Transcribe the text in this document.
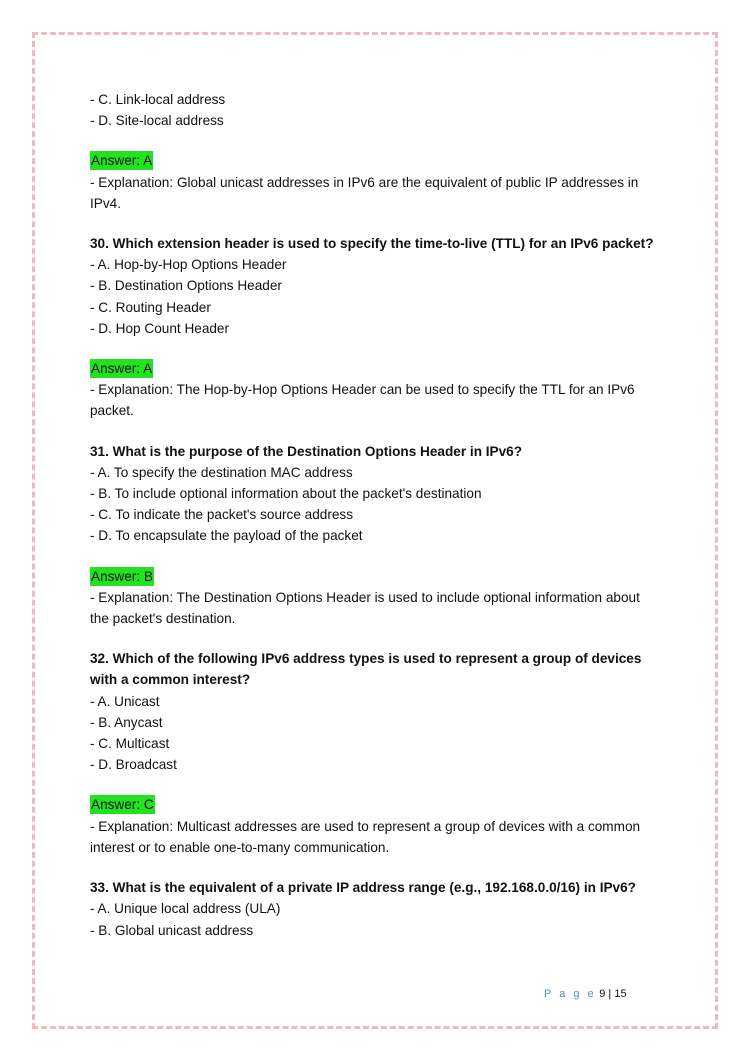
- C. Link-local address
- D. Site-local address
Answer: A
- Explanation: Global unicast addresses in IPv6 are the equivalent of public IP addresses in IPv4.
30. Which extension header is used to specify the time-to-live (TTL) for an IPv6 packet?
- A. Hop-by-Hop Options Header
- B. Destination Options Header
- C. Routing Header
- D. Hop Count Header
Answer: A
- Explanation: The Hop-by-Hop Options Header can be used to specify the TTL for an IPv6 packet.
31. What is the purpose of the Destination Options Header in IPv6?
- A. To specify the destination MAC address
- B. To include optional information about the packet's destination
- C. To indicate the packet's source address
- D. To encapsulate the payload of the packet
Answer: B
- Explanation: The Destination Options Header is used to include optional information about the packet's destination.
32. Which of the following IPv6 address types is used to represent a group of devices with a common interest?
- A. Unicast
- B. Anycast
- C. Multicast
- D. Broadcast
Answer: C
- Explanation: Multicast addresses are used to represent a group of devices with a common interest or to enable one-to-many communication.
33. What is the equivalent of a private IP address range (e.g., 192.168.0.0/16) in IPv6?
- A. Unique local address (ULA)
- B. Global unicast address
P a g e 9 | 15
